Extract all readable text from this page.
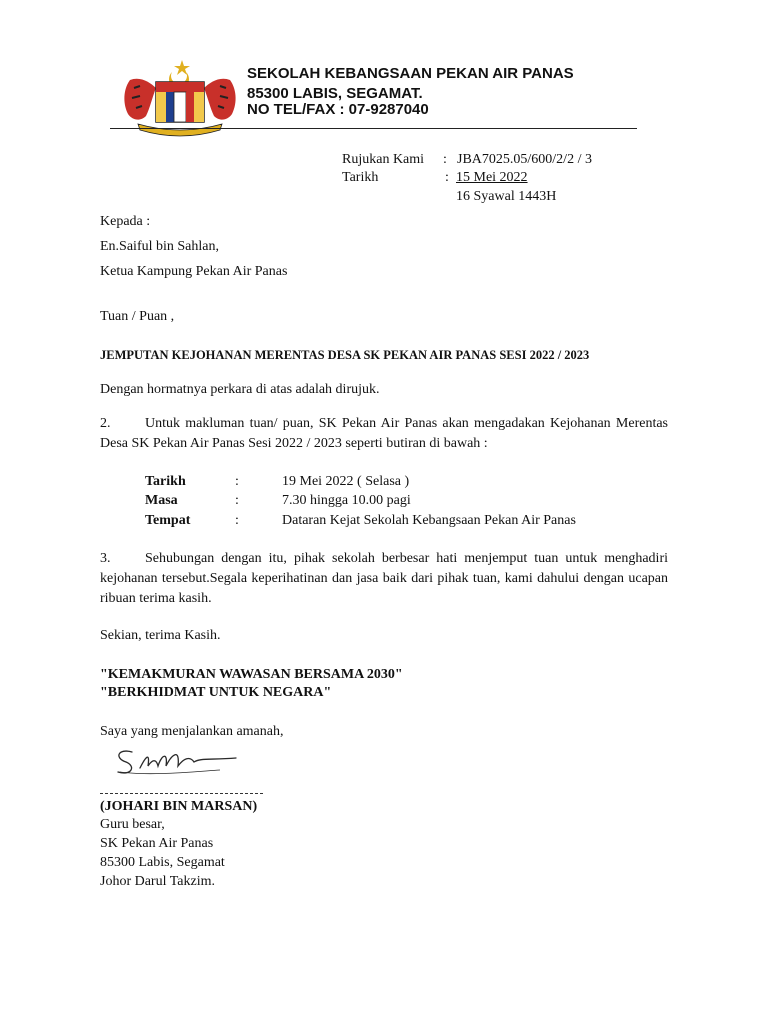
SEKOLAH KEBANGSAAN PEKAN AIR PANAS
85300 LABIS, SEGAMAT.
NO TEL/FAX : 07-9287040
Rujukan Kami : JBA7025.05/600/2/2 / 3
Tarikh	: 15 Mei 2022
16 Syawal 1443H
Kepada :
En.Saiful bin Sahlan,
Ketua Kampung Pekan Air Panas
Tuan / Puan ,
JEMPUTAN KEJOHANAN MERENTAS DESA SK PEKAN AIR PANAS SESI 2022 / 2023
Dengan hormatnya perkara di atas adalah dirujuk.
2. Untuk makluman tuan/ puan, SK Pekan Air Panas akan mengadakan Kejohanan Merentas Desa SK Pekan Air Panas Sesi 2022 / 2023 seperti butiran di bawah :
Tarikh	:	19 Mei 2022 ( Selasa )
Masa	:	7.30 hingga 10.00 pagi
Tempat	:	Dataran Kejat Sekolah Kebangsaan Pekan Air Panas
3. Sehubungan dengan itu, pihak sekolah berbesar hati menjemput tuan untuk menghadiri kejohanan tersebut.Segala keperihatinan dan jasa baik dari pihak tuan, kami dahului dengan ucapan ribuan terima kasih.
Sekian, terima Kasih.
"KEMAKMURAN WAWASAN BERSAMA 2030"
"BERKHIDMAT UNTUK NEGARA"
Saya yang menjalankan amanah,
(JOHARI BIN MARSAN)
Guru besar,
SK Pekan Air Panas
85300 Labis, Segamat
Johor Darul Takzim.
